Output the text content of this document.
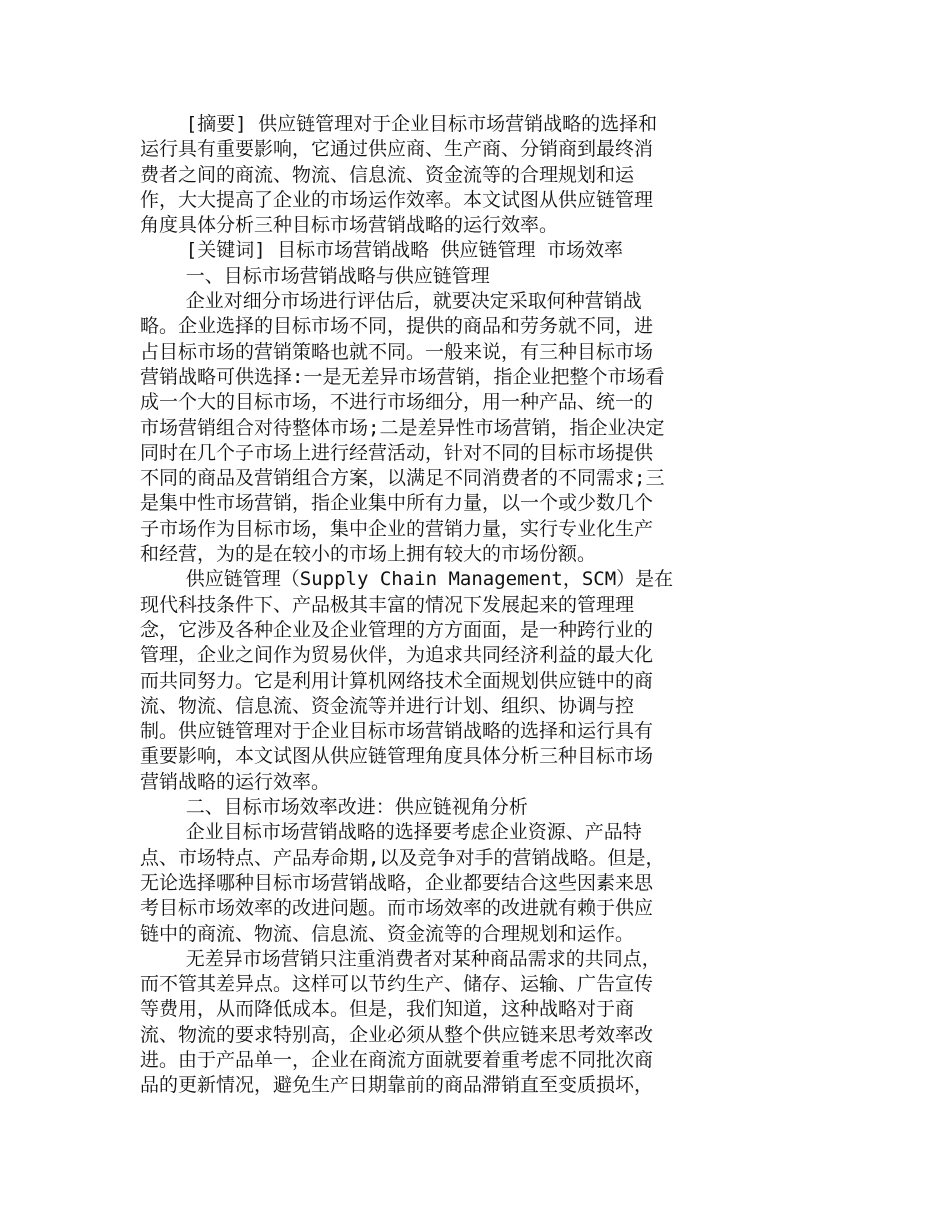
[摘要] 供应链管理对于企业目标市场营销战略的选择和
运行具有重要影响，它通过供应商、生产商、分销商到最终消
费者之间的商流、物流、信息流、资金流等的合理规划和运
作，大大提高了企业的市场运作效率。本文试图从供应链管理
角度具体分析三种目标市场营销战略的运行效率。
[关键词] 目标市场营销战略 供应链管理 市场效率
一、目标市场营销战略与供应链管理
企业对细分市场进行评估后，就要决定采取何种营销战
略。企业选择的目标市场不同，提供的商品和劳务就不同，进
占目标市场的营销策略也就不同。一般来说，有三种目标市场
营销战略可供选择:一是无差异市场营销，指企业把整个市场看
成一个大的目标市场，不进行市场细分，用一种产品、统一的
市场营销组合对待整体市场;二是差异性市场营销，指企业决定
同时在几个子市场上进行经营活动，针对不同的目标市场提供
不同的商品及营销组合方案，以满足不同消费者的不同需求;三
是集中性市场营销，指企业集中所有力量，以一个或少数几个
子市场作为目标市场，集中企业的营销力量，实行专业化生产
和经营，为的是在较小的市场上拥有较大的市场份额。
供应链管理（Supply Chain Management，SCM）是在
现代科技条件下、产品极其丰富的情况下发展起来的管理理
念，它涉及各种企业及企业管理的方方面面，是一种跨行业的
管理，企业之间作为贸易伙伴，为追求共同经济利益的最大化
而共同努力。它是利用计算机网络技术全面规划供应链中的商
流、物流、信息流、资金流等并进行计划、组织、协调与控
制。供应链管理对于企业目标市场营销战略的选择和运行具有
重要影响，本文试图从供应链管理角度具体分析三种目标市场
营销战略的运行效率。
二、目标市场效率改进：供应链视角分析
企业目标市场营销战略的选择要考虑企业资源、产品特
点、市场特点、产品寿命期,以及竞争对手的营销战略。但是，
无论选择哪种目标市场营销战略，企业都要结合这些因素来思
考目标市场效率的改进问题。而市场效率的改进就有赖于供应
链中的商流、物流、信息流、资金流等的合理规划和运作。
无差异市场营销只注重消费者对某种商品需求的共同点，
而不管其差异点。这样可以节约生产、储存、运输、广告宣传
等费用，从而降低成本。但是，我们知道，这种战略对于商
流、物流的要求特别高，企业必须从整个供应链来思考效率改
进。由于产品单一，企业在商流方面就要着重考虑不同批次商
品的更新情况，避免生产日期靠前的商品滞销直至变质损坏，
